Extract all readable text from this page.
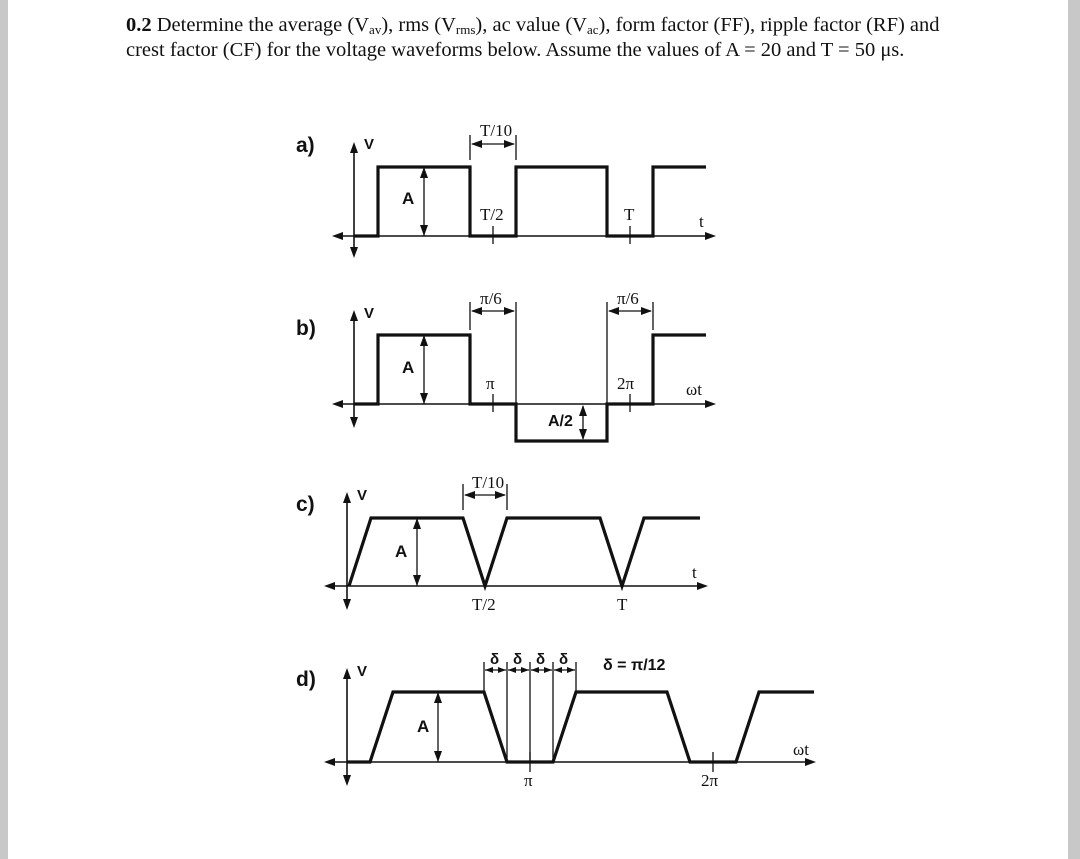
0.2 Determine the average $(V_{av})$, rms $(V_{rms})$, ac value $(V_{ac})$, form factor (FF), ripple factor (RF) and crest factor (CF) for the voltage waveforms below. Assume the values of A = 20 and T = 50 μs.

a)	V
A
T/10
T/2	T	t
b)
V
A
π/6	π/6
π	2π	ωt
A/2
c)	V
A
T/10
T/2	T
t
d)	V
A
δ δ δ δ δ = π/12
π	2π
ωt
